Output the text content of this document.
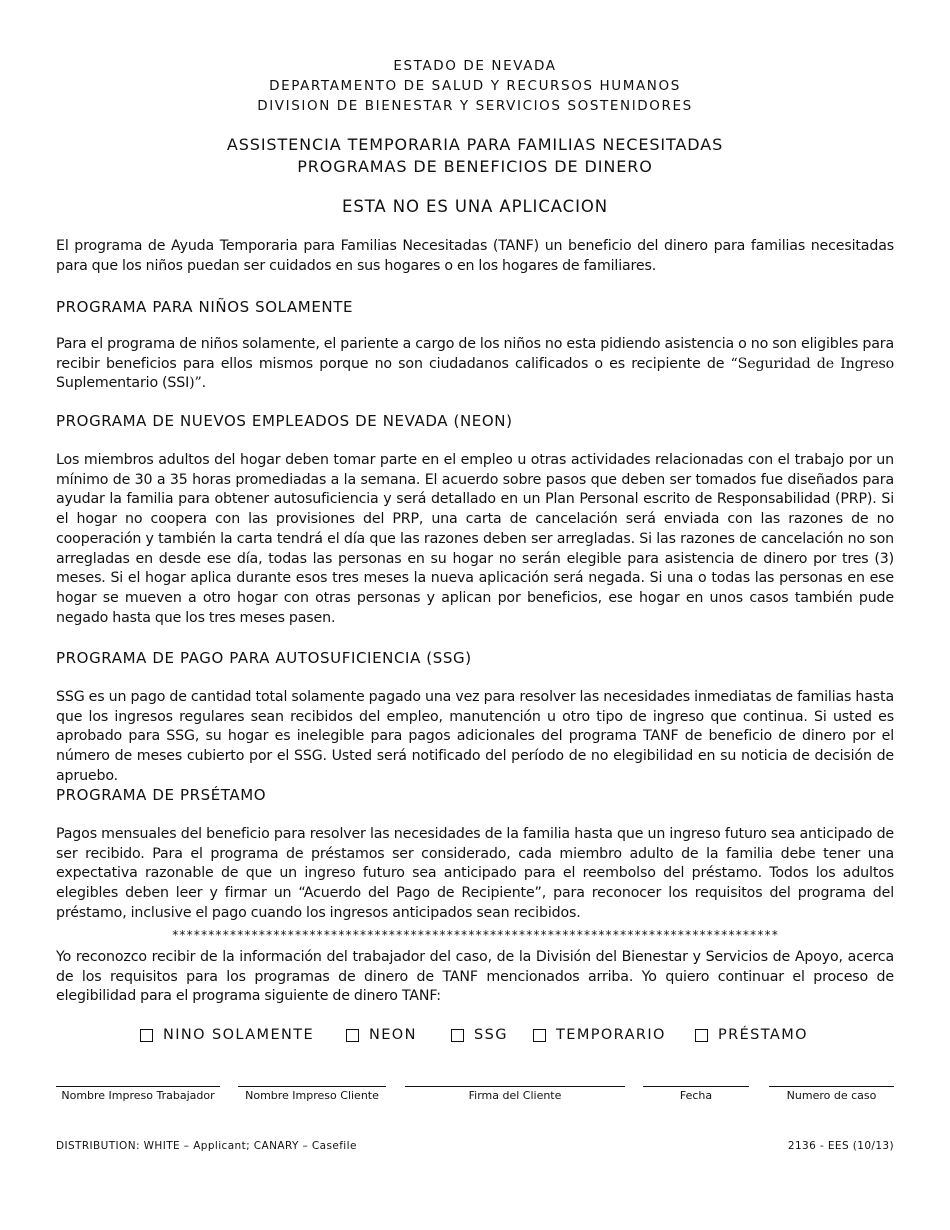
ESTADO DE NEVADA
DEPARTAMENTO DE SALUD Y RECURSOS HUMANOS
DIVISION DE BIENESTAR Y SERVICIOS SOSTENIDORES
ASSISTENCIA TEMPORARIA PARA FAMILIAS NECESITADAS
PROGRAMAS DE BENEFICIOS DE DINERO
ESTA NO ES UNA APLICACION
El programa de Ayuda Temporaria para Familias Necesitadas (TANF) un beneficio del dinero para familias necesitadas para que los niños puedan ser cuidados en sus hogares o en los hogares de familiares.
PROGRAMA PARA NIÑOS SOLAMENTE
Para el programa de niños solamente, el pariente a cargo de los niños no esta pidiendo asistencia o no son eligibles para recibir beneficios para ellos mismos porque no son ciudadanos calificados o es recipiente de “Seguridad de Ingreso Suplementario (SSI)”.
PROGRAMA DE NUEVOS EMPLEADOS DE NEVADA (NEON)
Los miembros adultos del hogar deben tomar parte en el empleo u otras actividades relacionadas con el trabajo por un mínimo de 30 a 35 horas promediadas a la semana. El acuerdo sobre pasos que deben ser tomados fue diseñados para ayudar la familia para obtener autosuficiencia y será detallado en un Plan Personal escrito de Responsabilidad (PRP). Si el hogar no coopera con las provisiones del PRP, una carta de cancelación será enviada con las razones de no cooperación y también la carta tendrá el día que las razones deben ser arregladas. Si las razones de cancelación no son arregladas en desde ese día, todas las personas en su hogar no serán elegible para asistencia de dinero por tres (3) meses. Si el hogar aplica durante esos tres meses la nueva aplicación será negada. Si una o todas las personas en ese hogar se mueven a otro hogar con otras personas y aplican por beneficios, ese hogar en unos casos también pude negado hasta que los tres meses pasen.
PROGRAMA DE PAGO PARA AUTOSUFICIENCIA (SSG)
SSG es un pago de cantidad total solamente pagado una vez para resolver las necesidades inmediatas de familias hasta que los ingresos regulares sean recibidos del empleo, manutención u otro tipo de ingreso que continua. Si usted es aprobado para SSG, su hogar es inelegible para pagos adicionales del programa TANF de beneficio de dinero por el número de meses cubierto por el SSG. Usted será notificado del período de no elegibilidad en su noticia de decisión de apruebo.
PROGRAMA DE PRSÉTAMO
Pagos mensuales del beneficio para resolver las necesidades de la familia hasta que un ingreso futuro sea anticipado de ser recibido. Para el programa de préstamos ser considerado, cada miembro adulto de la familia debe tener una expectativa razonable de que un ingreso futuro sea anticipado para el reembolso del préstamo. Todos los adultos elegibles deben leer y firmar un “Acuerdo del Pago de Recipiente”, para reconocer los requisitos del programa del préstamo, inclusive el pago cuando los ingresos anticipados sean recibidos.
************************************************************************************
Yo reconozco recibir de la información del trabajador del caso, de la División del Bienestar y Servicios de Apoyo, acerca de los requisitos para los programas de dinero de TANF mencionados arriba. Yo quiero continuar el proceso de elegibilidad para el programa siguiente de dinero TANF:
NINO SOLAMENTE	NEON	SSG	TEMPORARIO	PRÉSTAMO
Nombre Impreso Trabajador	Nombre Impreso Cliente	Firma del Cliente	Fecha	Numero de caso
DISTRIBUTION: WHITE – Applicant; CANARY – Casefile	2136 - EES (10/13)
